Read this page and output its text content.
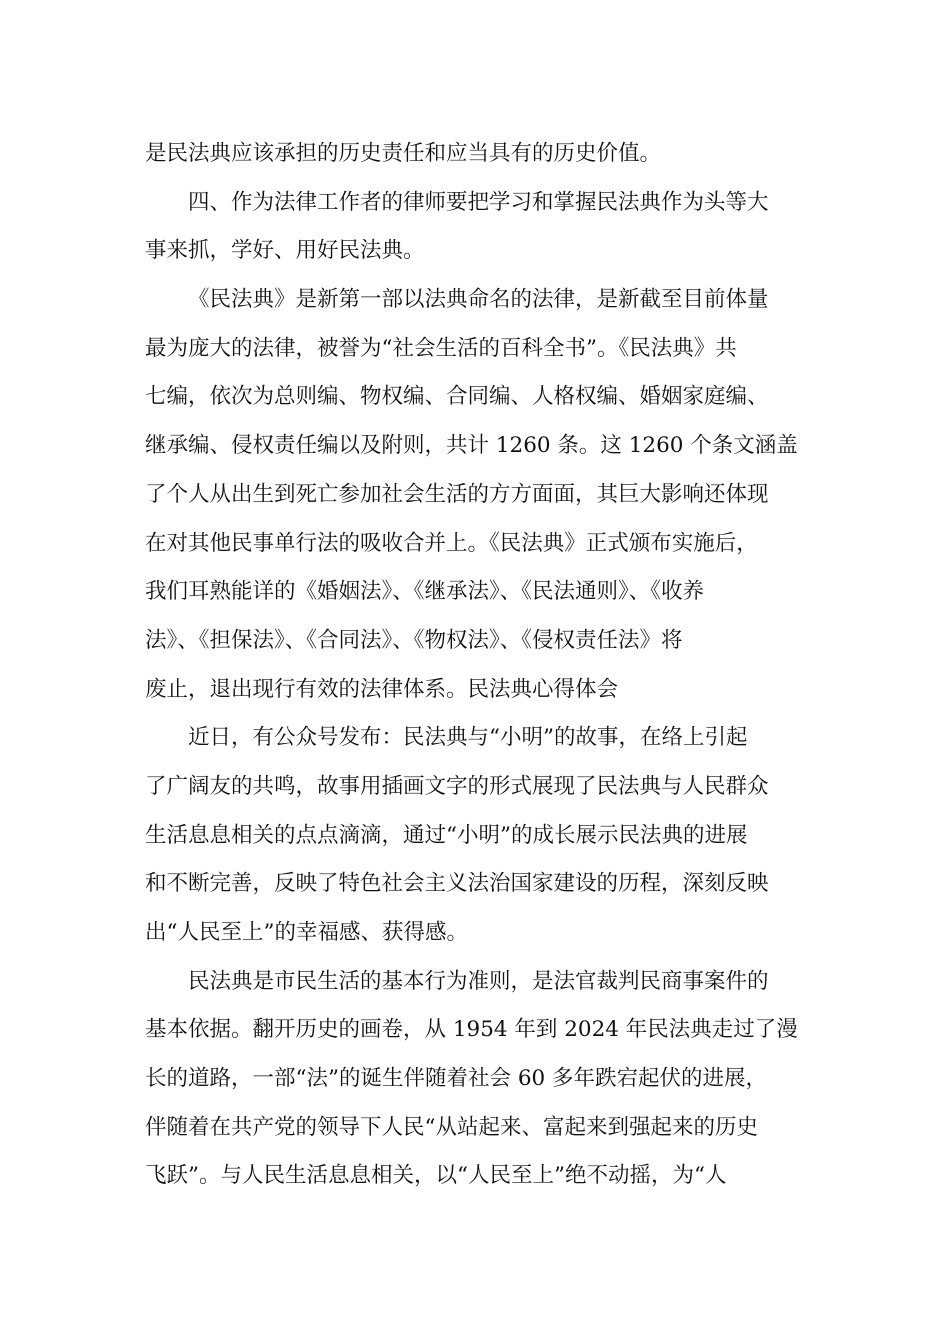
是民法典应该承担的历史责任和应当具有的历史价值。
四、作为法律工作者的律师要把学习和掌握民法典作为头等大
事来抓，学好、用好民法典。
《民法典》是新第一部以法典命名的法律，是新截至目前体量
最为庞大的法律，被誉为“社会生活的百科全书”。《民法典》共
七编，依次为总则编、物权编、合同编、人格权编、婚姻家庭编、
继承编、侵权责任编以及附则，共计 1260 条。这 1260 个条文涵盖
了个人从出生到死亡参加社会生活的方方面面，其巨大影响还体现
在对其他民事单行法的吸收合并上。《民法典》正式颁布实施后，
我们耳熟能详的《婚姻法》、《继承法》、《民法通则》、《收养
法》、《担保法》、《合同法》、《物权法》、《侵权责任法》将
废止，退出现行有效的法律体系。民法典心得体会
近日，有公众号发布：民法典与“小明”的故事，在络上引起
了广阔友的共鸣，故事用插画文字的形式展现了民法典与人民群众
生活息息相关的点点滴滴，通过“小明”的成长展示民法典的进展
和不断完善，反映了特色社会主义法治国家建设的历程，深刻反映
出“人民至上”的幸福感、获得感。
民法典是市民生活的基本行为准则，是法官裁判民商事案件的
基本依据。翻开历史的画卷，从 1954 年到 2024 年民法典走过了漫
长的道路，一部“法”的诞生伴随着社会 60 多年跌宕起伏的进展，
伴随着在共产党的领导下人民“从站起来、富起来到强起来的历史
飞跃”。与人民生活息息相关，以“人民至上”绝不动摇，为“人
